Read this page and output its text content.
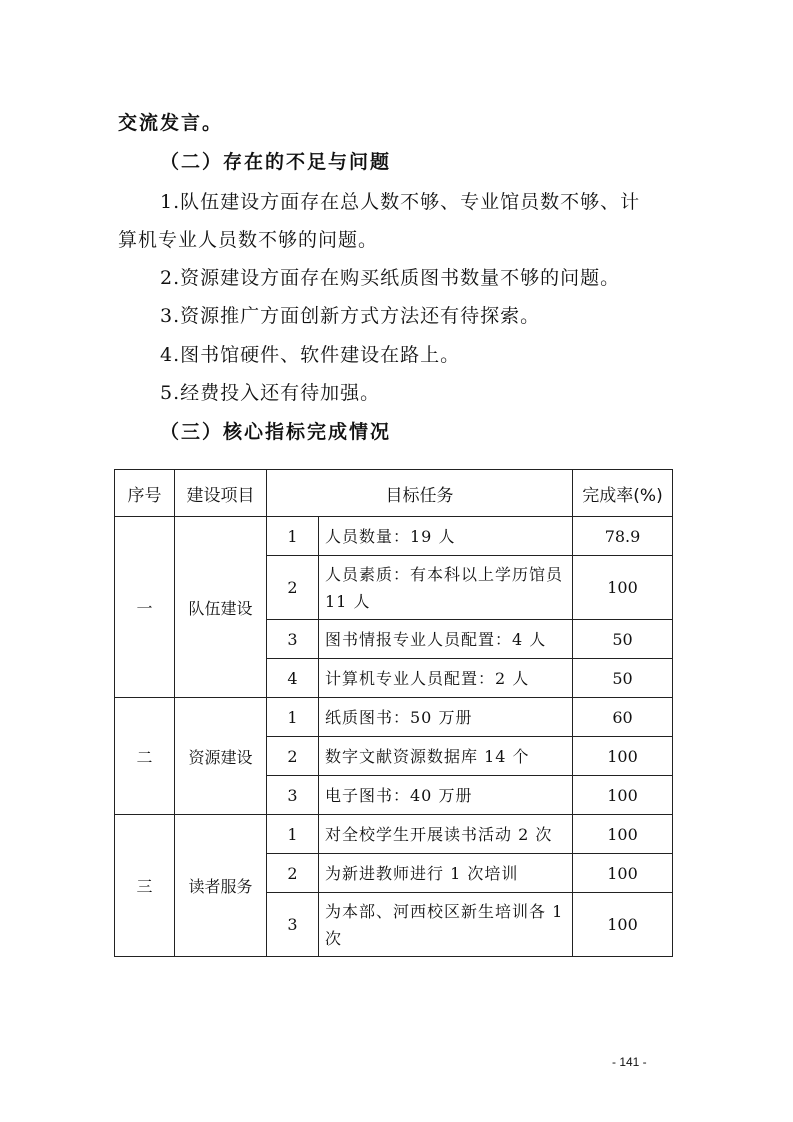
交流发言。
（二）存在的不足与问题
1.队伍建设方面存在总人数不够、专业馆员数不够、计
算机专业人员数不够的问题。
2.资源建设方面存在购买纸质图书数量不够的问题。
3.资源推广方面创新方式方法还有待探索。
4.图书馆硬件、软件建设在路上。
5.经费投入还有待加强。
（三）核心指标完成情况
序号	建设项目	目标任务		完成率(%)
一	队伍建设	1	人员数量：19 人	78.9
		2	人员素质：有本科以上学历馆员 11 人	100
		3	图书情报专业人员配置：4 人	50
		4	计算机专业人员配置：2 人	50
二	资源建设	1	纸质图书：50 万册	60
		2	数字文献资源数据库 14 个	100
		3	电子图书：40 万册	100
三	读者服务	1	对全校学生开展读书活动 2 次	100
		2	为新进教师进行 1 次培训	100
		3	为本部、河西校区新生培训各 1 次	100
- 141 -
